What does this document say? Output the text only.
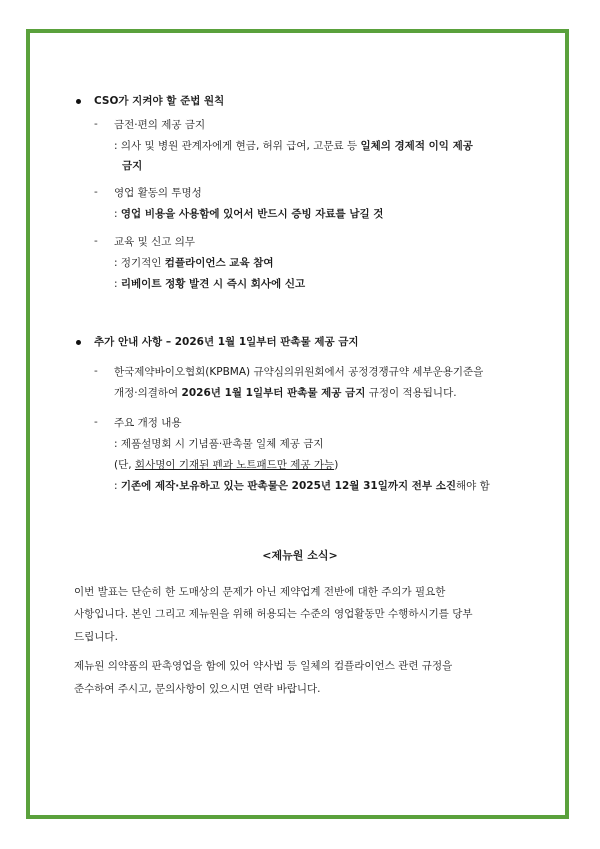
CSO가 지켜야 할 준법 원칙
- 금전·편의 제공 금지
: 의사 및 병원 관계자에게 현금, 허위 급여, 고문료 등 일체의 경제적 이익 제공
금지
- 영업 활동의 투명성
: 영업 비용을 사용함에 있어서 반드시 증빙 자료를 남길 것
- 교육 및 신고 의무
: 정기적인 컴플라이언스 교육 참여
: 리베이트 정황 발견 시 즉시 회사에 신고
추가 안내 사항 – 2026년 1월 1일부터 판촉물 제공 금지
- 한국제약바이오협회(KPBMA) 규약심의위원회에서 공정경쟁규약 세부운용기준을
개정·의결하여 2026년 1월 1일부터 판촉물 제공 금지 규정이 적용됩니다.
- 주요 개정 내용
: 제품설명회 시 기념품·판촉물 일체 제공 금지
(단, 회사명이 기재된 펜과 노트패드만 제공 가능)
: 기존에 제작·보유하고 있는 판촉물은 2025년 12월 31일까지 전부 소진해야 함
<제뉴원 소식>
이번 발표는 단순히 한 도매상의 문제가 아닌 제약업계 전반에 대한 주의가 필요한
사항입니다. 본인 그리고 제뉴원을 위해 허용되는 수준의 영업활동만 수행하시기를 당부
드립니다.
제뉴원 의약품의 판촉영업을 함에 있어 약사법 등 일체의 컴플라이언스 관련 규정을
준수하여 주시고, 문의사항이 있으시면 연락 바랍니다.
